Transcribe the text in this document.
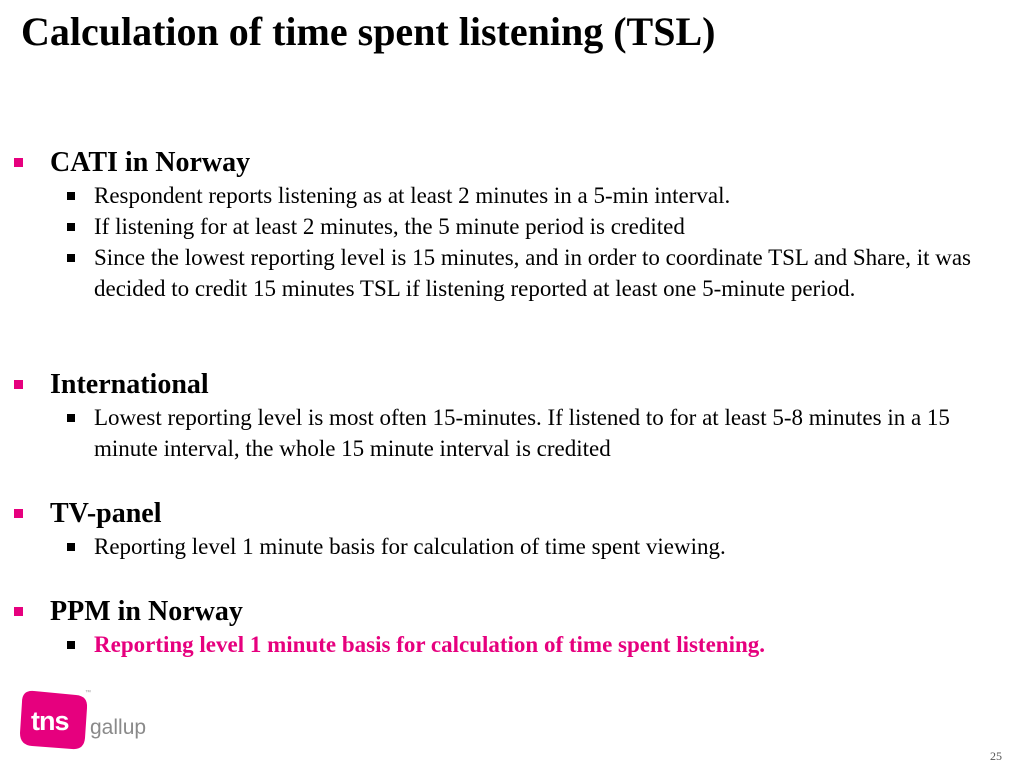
Calculation of time spent listening (TSL)
CATI in Norway
Respondent reports listening as at least 2 minutes in a 5-min interval.
If listening for at least 2 minutes, the 5 minute period is credited
Since the lowest reporting level is 15 minutes, and in order to coordinate TSL and Share, it was decided to credit 15 minutes TSL if listening reported at least one 5-minute period.
International
Lowest reporting level is most often 15-minutes. If listened to for at least 5-8 minutes in a 15 minute interval, the whole 15 minute interval is credited
TV-panel
Reporting level 1 minute basis for calculation of time spent viewing.
PPM in Norway
Reporting level 1 minute basis for calculation of time spent listening.
tns
™
gallup
25
